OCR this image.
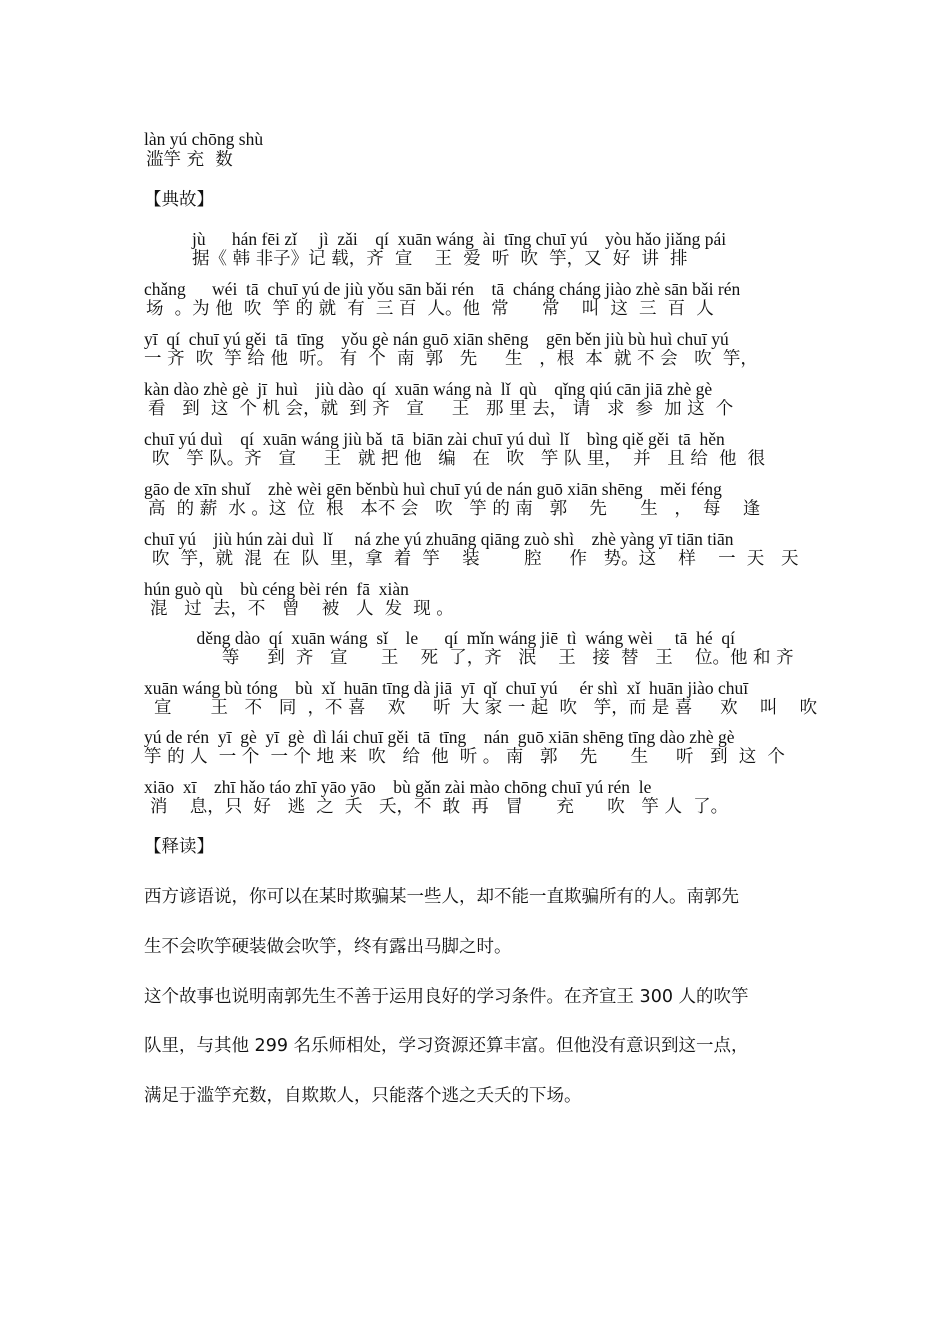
làn yú chōng shù
滥竽 充  数
【典故】
jù      hán fēi zǐ     jì  zǎi    qí  xuān wáng  ài  tīng chuī yú    yòu hǎo jiǎng pái
据《 韩 非子》记 载，齐  宣    王  爱  听  吹  竽，又  好  讲  排
chǎng      wéi  tā  chuī yú de jiù yǒu sān bǎi rén    tā  cháng cháng jiào zhè sān bǎi rén
场  。为 他  吹  竽 的 就  有  三 百  人。他  常      常    叫  这  三  百  人
yī  qí  chuī yú gěi  tā  tīng    yǒu gè nán guō xiān shēng    gēn běn jiù bù huì chuī yú
一 齐  吹  竽 给 他  听。 有  个  南  郭   先     生   ，根  本  就 不 会   吹  竽，
kàn dào zhè gè  jī  huì    jiù dào  qí  xuān wáng nà  lǐ  qù    qǐng qiú cān jiā zhè gè
看   到  这  个 机 会，就  到 齐   宣     王   那 里 去， 请   求  参  加 这  个
chuī yú duì    qí  xuān wáng jiù bǎ  tā  biān zài chuī yú duì  lǐ    bìng qiě gěi  tā  hěn
吹   竽 队。齐   宣     王   就 把 他   编   在   吹   竽 队 里，  并   且 给  他  很
gāo de xīn shuǐ    zhè wèi gēn běnbù huì chuī yú de nán guō xiān shēng    měi féng
高  的 薪  水 。这  位  根   本不 会   吹   竽 的 南   郭    先      生   ，  每    逢
chuī yú    jiù hún zài duì  lǐ     ná zhe yú zhuāng qiāng zuò shì    zhè yàng yī tiān tiān
吹  竽，就  混  在  队  里，拿  着  竽    装        腔     作   势。这    样    一  天   天
hún guò qù    bù céng bèi rén  fā  xiàn
混   过  去，不   曾    被   人  发  现 。
děng dào  qí  xuān wáng  sǐ    le      qí  mǐn wáng jiē  tì  wáng wèi     tā  hé  qí
等     到  齐   宣      王    死  了，齐   泯    王   接  替   王    位。他 和 齐
xuān wáng bù tóng    bù  xǐ  huān tīng dà jiā  yī  qǐ  chuī yú     ér shì  xǐ  huān jiào chuī
宣       王   不   同  ，不 喜    欢     听  大 家 一 起  吹   竽，而 是 喜     欢    叫    吹
yú de rén  yī  gè  yī  gè  dì lái chuī gěi  tā  tīng    nán  guō xiān shēng tīng dào zhè gè
竽 的 人  一 个  一 个 地 来  吹   给  他  听 。 南   郭    先      生     听   到  这  个
xiāo  xī    zhī hǎo táo zhī yāo yāo    bù gǎn zài mào chōng chuī yú rén  le
消    息，只  好   逃  之  夭   夭，不  敢  再   冒      充      吹   竽 人  了。
【释读】
西方谚语说，你可以在某时欺骗某一些人，却不能一直欺骗所有的人。南郭先
生不会吹竽硬装做会吹竽，终有露出马脚之时。
这个故事也说明南郭先生不善于运用良好的学习条件。在齐宣王 300 人的吹竽
队里，与其他 299 名乐师相处，学习资源还算丰富。但他没有意识到这一点，
满足于滥竽充数，自欺欺人，只能落个逃之夭夭的下场。
